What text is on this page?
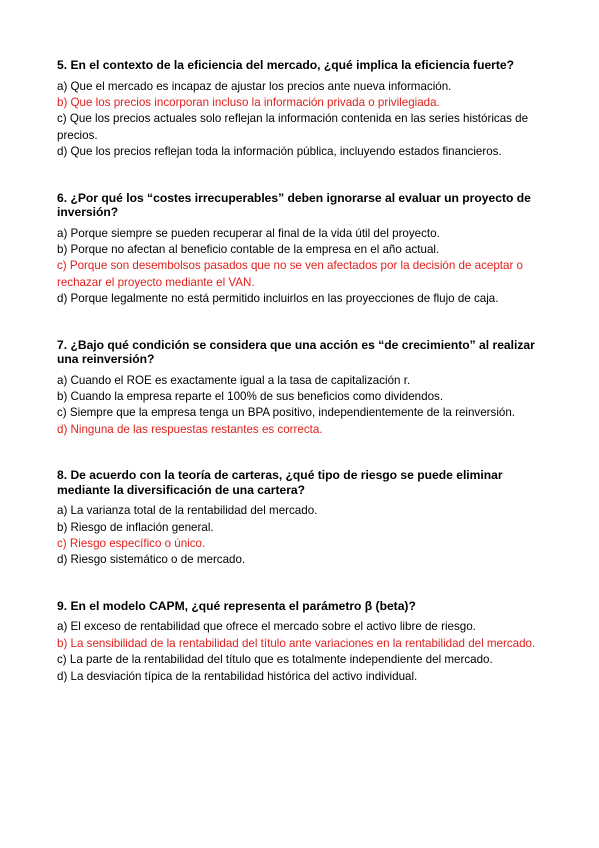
5. En el contexto de la eficiencia del mercado, ¿qué implica la eficiencia fuerte?

a) Que el mercado es incapaz de ajustar los precios ante nueva información.

b) Que los precios incorporan incluso la información privada o privilegiada.

c) Que los precios actuales solo reflejan la información contenida en las series históricas de precios.

d) Que los precios reflejan toda la información pública, incluyendo estados financieros.

6. ¿Por qué los “costes irrecuperables” deben ignorarse al evaluar un proyecto de inversión?

a) Porque siempre se pueden recuperar al final de la vida útil del proyecto.

b) Porque no afectan al beneficio contable de la empresa en el año actual.

c) Porque son desembolsos pasados que no se ven afectados por la decisión de aceptar o rechazar el proyecto mediante el VAN.

d) Porque legalmente no está permitido incluirlos en las proyecciones de flujo de caja.

7. ¿Bajo qué condición se considera que una acción es “de crecimiento” al realizar una reinversión?

a) Cuando el ROE es exactamente igual a la tasa de capitalización r.

b) Cuando la empresa reparte el 100% de sus beneficios como dividendos.

c) Siempre que la empresa tenga un BPA positivo, independientemente de la reinversión.

d) Ninguna de las respuestas restantes es correcta.

8. De acuerdo con la teoría de carteras, ¿qué tipo de riesgo se puede eliminar mediante la diversificación de una cartera?

a) La varianza total de la rentabilidad del mercado.

b) Riesgo de inflación general.

c) Riesgo específico o único.

d) Riesgo sistemático o de mercado.

9. En el modelo CAPM, ¿qué representa el parámetro β (beta)?

a) El exceso de rentabilidad que ofrece el mercado sobre el activo libre de riesgo.

b) La sensibilidad de la rentabilidad del título ante variaciones en la rentabilidad del mercado.

c) La parte de la rentabilidad del título que es totalmente independiente del mercado.

d) La desviación típica de la rentabilidad histórica del activo individual.
